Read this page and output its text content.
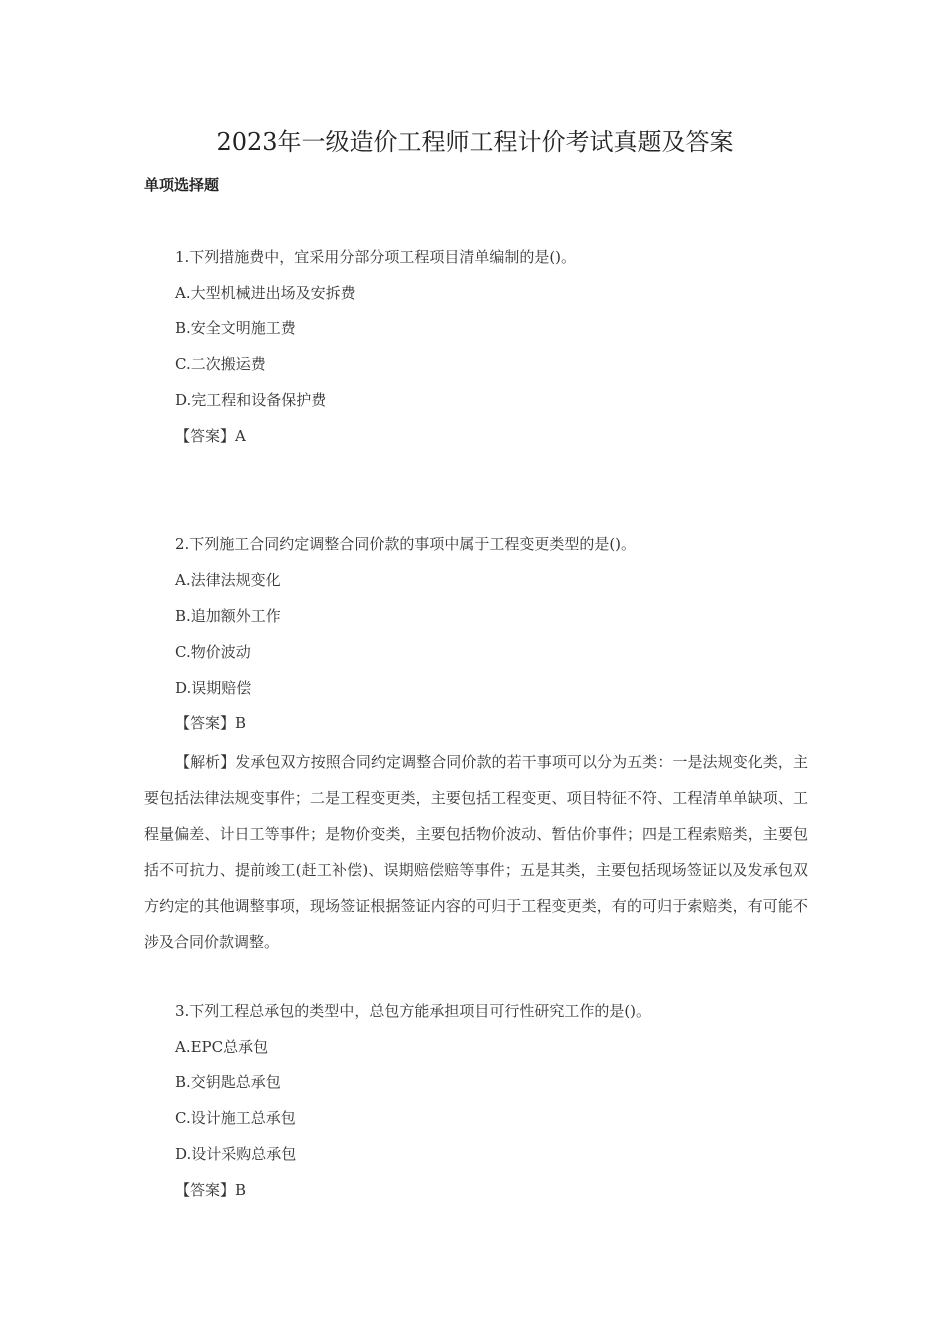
2023年一级造价工程师工程计价考试真题及答案
单项选择题
1.下列措施费中，宜采用分部分项工程项目清单编制的是()。
A.大型机械进出场及安拆费
B.安全文明施工费
C.二次搬运费
D.完工程和设备保护费
【答案】A
2.下列施工合同约定调整合同价款的事项中属于工程变更类型的是()。
A.法律法规变化
B.追加额外工作
C.物价波动
D.误期赔偿
【答案】B
【解析】发承包双方按照合同约定调整合同价款的若干事项可以分为五类：一是法规变化类，主要包括法律法规变事件；二是工程变更类，主要包括工程变更、项目特征不符、工程清单单缺项、工程量偏差、计日工等事件；是物价变类，主要包括物价波动、暂估价事件；四是工程索赔类，主要包括不可抗力、提前竣工(赶工补偿)、误期赔偿赔等事件；五是其类，主要包括现场签证以及发承包双方约定的其他调整事项，现场签证根据签证内容的可归于工程变更类，有的可归于索赔类，有可能不涉及合同价款调整。
3.下列工程总承包的类型中，总包方能承担项目可行性研究工作的是()。
A.EPC总承包
B.交钥匙总承包
C.设计施工总承包
D.设计采购总承包
【答案】B
